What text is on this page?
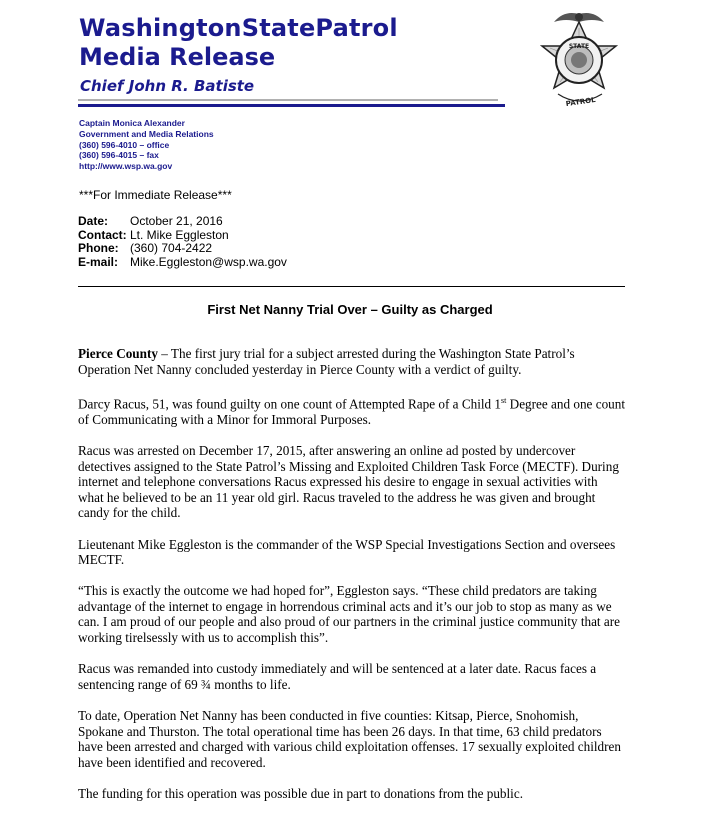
WashingtonStatePatrol
Media Release
Chief John R. Batiste
STATE
PATROL
Captain Monica Alexander
Government and Media Relations
(360) 596-4010 – office
(360) 596-4015 – fax
http://www.wsp.wa.gov
***For Immediate Release***
Date:	October 21, 2016
Contact: Lt. Mike Eggleston
Phone: (360) 704-2422
E-mail: Mike.Eggleston@wsp.wa.gov
First Net Nanny Trial Over – Guilty as Charged

Pierce County – The first jury trial for a subject arrested during the Washington State Patrol’s Operation Net Nanny concluded yesterday in Pierce County with a verdict of guilty.

Darcy Racus, 51, was found guilty on one count of Attempted Rape of a Child 1st Degree and one count of Communicating with a Minor for Immoral Purposes.

Racus was arrested on December 17, 2015, after answering an online ad posted by undercover detectives assigned to the State Patrol’s Missing and Exploited Children Task Force (MECTF). During internet and telephone conversations Racus expressed his desire to engage in sexual activities with what he believed to be an 11 year old girl. Racus traveled to the address he was given and brought candy for the child.

Lieutenant Mike Eggleston is the commander of the WSP Special Investigations Section and oversees MECTF.

“This is exactly the outcome we had hoped for”, Eggleston says. “These child predators are taking advantage of the internet to engage in horrendous criminal acts and it’s our job to stop as many as we can. I am proud of our people and also proud of our partners in the criminal justice community that are working tirelsessly with us to accomplish this”.

Racus was remanded into custody immediately and will be sentenced at a later date. Racus faces a sentencing range of 69 ¾ months to life.

To date, Operation Net Nanny has been conducted in five counties: Kitsap, Pierce, Snohomish, Spokane and Thurston. The total operational time has been 26 days. In that time, 63 child predators have been arrested and charged with various child exploitation offenses. 17 sexually exploited children have been identified and recovered.

The funding for this operation was possible due in part to donations from the public.
